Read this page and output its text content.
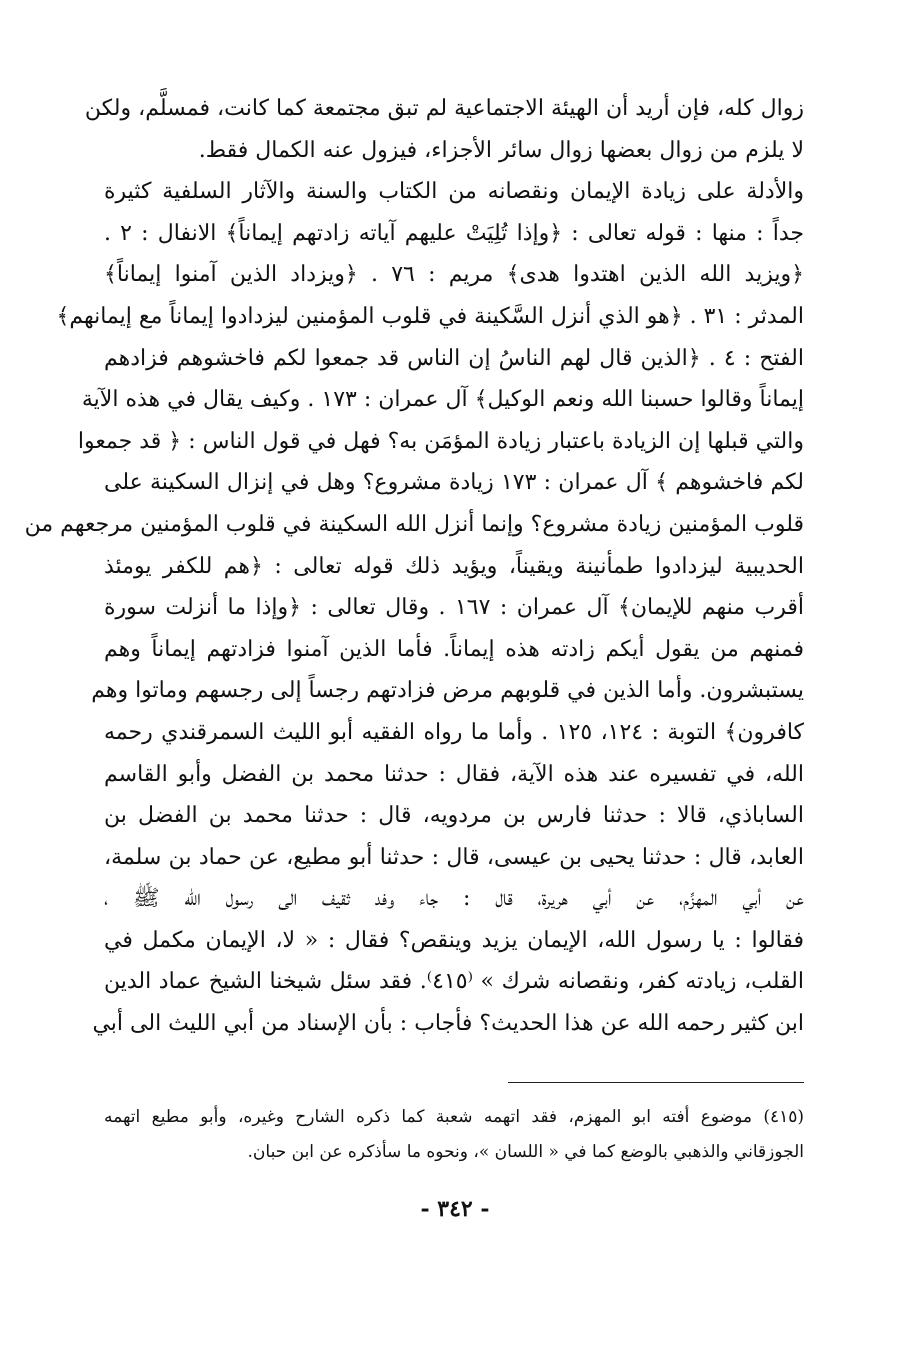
زوال كله، فإن أريد أن الهيئة الاجتماعية لم تبق مجتمعة كما كانت، فمسلَّم، ولكن
لا يلزم من زوال بعضها زوال سائر الأجزاء، فيزول عنه الكمال فقط.
والأدلة على زيادة الإيمان ونقصانه من الكتاب والسنة والآثار السلفية كثيرة
جداً : منها : قوله تعالى : ﴿وإذا تُلِيَتْ عليهم آياته زادتهم إيماناً﴾ الانفال : ٢ .
﴿ويزيد الله الذين اهتدوا هدى﴾ مريم : ٧٦ . ﴿ويزداد الذين آمنوا إيماناً﴾
المدثر : ٣١ . ﴿هو الذي أنزل السَّكينة في قلوب المؤمنين ليزدادوا إيماناً مع إيمانهم﴾
الفتح : ٤ . ﴿الذين قال لهم الناسُ إن الناس قد جمعوا لكم فاخشوهم فزادهم
إيماناً وقالوا حسبنا الله ونعم الوكيل﴾ آل عمران : ١٧٣ . وكيف يقال في هذه الآية
والتي قبلها إن الزيادة باعتبار زيادة المؤمَن به؟ فهل في قول الناس : ﴿ قد جمعوا
لكم فاخشوهم ﴾ آل عمران : ١٧٣ زيادة مشروع؟ وهل في إنزال السكينة على
قلوب المؤمنين زيادة مشروع؟ وإنما أنزل الله السكينة في قلوب المؤمنين مرجعهم من
الحديبية ليزدادوا طمأنينة ويقيناً، ويؤيد ذلك قوله تعالى : ﴿هم للكفر يومئذ
أقرب منهم للإيمان﴾ آل عمران : ١٦٧ . وقال تعالى : ﴿وإذا ما أنزلت سورة
فمنهم من يقول أيكم زادته هذه إيماناً. فأما الذين آمنوا فزادتهم إيماناً وهم
يستبشرون. وأما الذين في قلوبهم مرض فزادتهم رجساً إلى رجسهم وماتوا وهم
كافرون﴾ التوبة : ١٢٤، ١٢٥ . وأما ما رواه الفقيه أبو الليث السمرقندي رحمه
الله، في تفسيره عند هذه الآية، فقال : حدثنا محمد بن الفضل وأبو القاسم
الساباذي، قالا : حدثنا فارس بن مردويه، قال : حدثنا محمد بن الفضل بن
العابد، قال : حدثنا يحيى بن عيسى، قال : حدثنا أبو مطيع، عن حماد بن سلمة،
عن أبي المهزِّم، عن أبي هريرة، قال : جاء وفد ثقيف الى رسول الله ﷺ ،
فقالوا : يا رسول الله، الإيمان يزيد وينقص؟ فقال : « لا، الإيمان مكمل في
القلب، زيادته كفر، ونقصانه شرك » ⁽٤١٥⁾. فقد سئل شيخنا الشيخ عماد الدين
ابن كثير رحمه الله عن هذا الحديث؟ فأجاب : بأن الإسناد من أبي الليث الى أبي
(٤١٥) موضوع أفته ابو المهزم، فقد اتهمه شعبة كما ذكره الشارح وغيره، وأبو مطيع اتهمه
الجوزقاني والذهبي بالوضع كما في « اللسان »، ونحوه ما سأذكره عن ابن حبان.
- ٣٤٢ -
